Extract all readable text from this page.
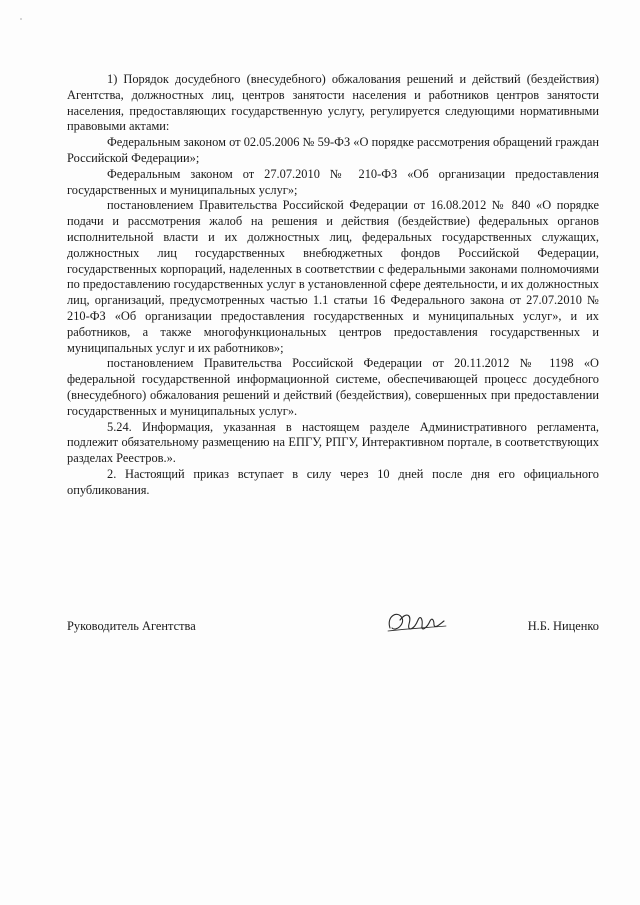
1) Порядок досудебного (внесудебного) обжалования решений и действий (бездействия) Агентства, должностных лиц, центров занятости населения и работников центров занятости населения, предоставляющих государственную услугу, регулируется следующими нормативными правовыми актами:

Федеральным законом от 02.05.2006 № 59-ФЗ «О порядке рассмотрения обращений граждан Российской Федерации»;

Федеральным законом от 27.07.2010 № 210-ФЗ «Об организации предоставления государственных и муниципальных услуг»;

постановлением Правительства Российской Федерации от 16.08.2012 № 840 «О порядке подачи и рассмотрения жалоб на решения и действия (бездействие) федеральных органов исполнительной власти и их должностных лиц, федеральных государственных служащих, должностных лиц государственных внебюджетных фондов Российской Федерации, государственных корпораций, наделенных в соответствии с федеральными законами полномочиями по предоставлению государственных услуг в установленной сфере деятельности, и их должностных лиц, организаций, предусмотренных частью 1.1 статьи 16 Федерального закона от 27.07.2010 № 210-ФЗ «Об организации предоставления государственных и муниципальных услуг», и их работников, а также многофункциональных центров предоставления государственных и муниципальных услуг и их работников»;

постановлением Правительства Российской Федерации от 20.11.2012 № 1198 «О федеральной государственной информационной системе, обеспечивающей процесс досудебного (внесудебного) обжалования решений и действий (бездействия), совершенных при предоставлении государственных и муниципальных услуг».

5.24. Информация, указанная в настоящем разделе Административного регламента, подлежит обязательному размещению на ЕПГУ, РПГУ, Интерактивном портале, в соответствующих разделах Реестров.».

2. Настоящий приказ вступает в силу через 10 дней после дня его официального опубликования.

Руководитель Агентства	Н.Б. Ниценко
